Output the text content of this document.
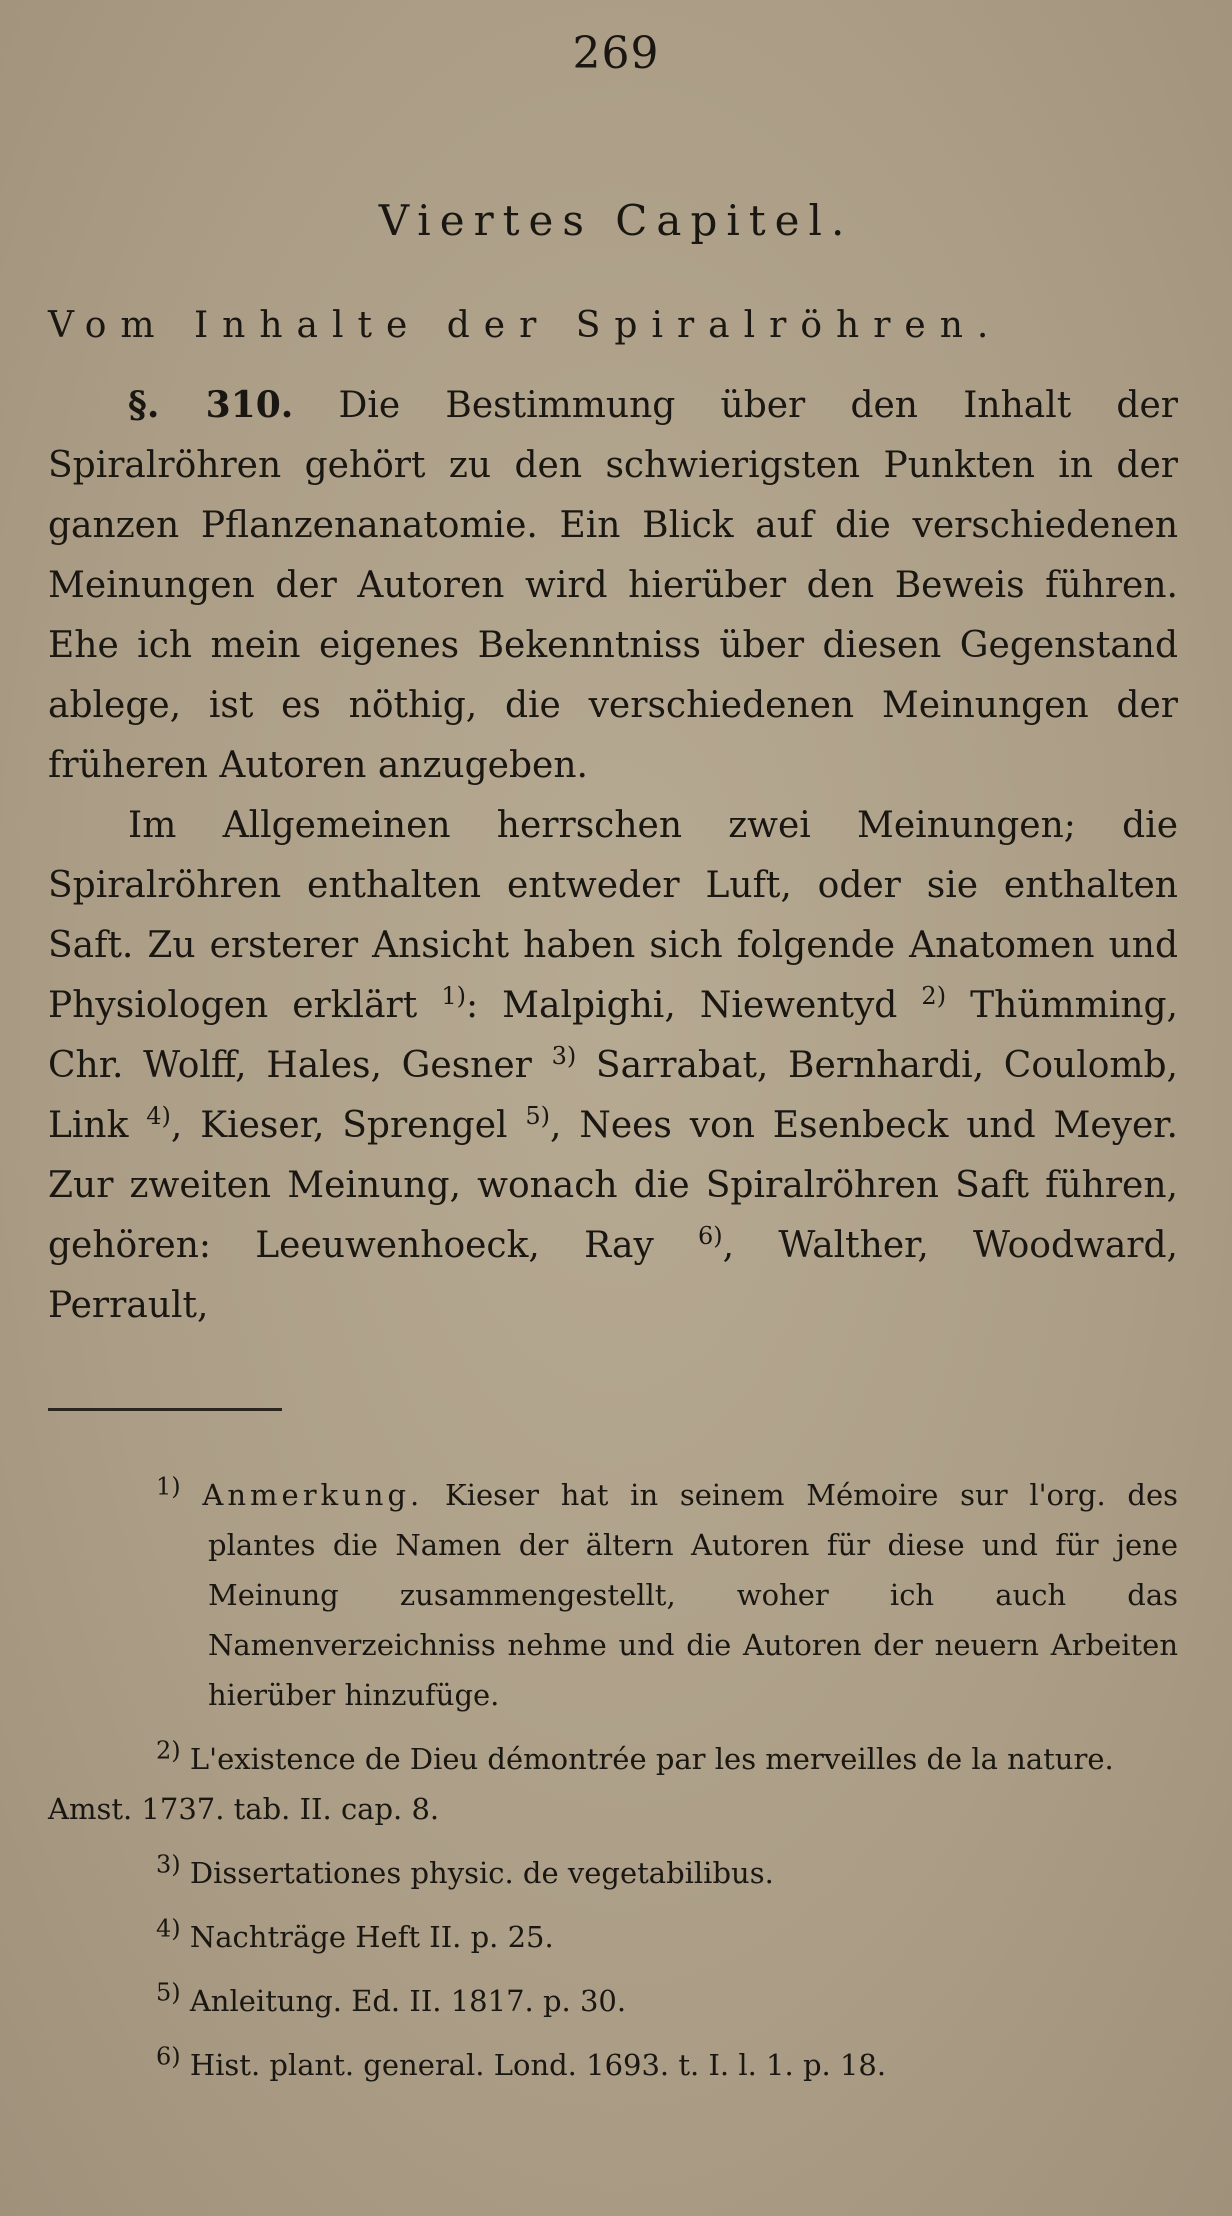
269
Viertes Capitel.
Vom Inhalte der Spiralröhren.

§. 310. Die Bestimmung über den Inhalt der Spiralröhren gehört zu den schwierigsten Punkten in der ganzen Pflanzenanatomie. Ein Blick auf die verschiedenen Meinungen der Autoren wird hierüber den Beweis führen. Ehe ich mein eigenes Bekenntniss über diesen Gegenstand ablege, ist es nöthig, die verschiedenen Meinungen der früheren Autoren anzugeben.

Im Allgemeinen herrschen zwei Meinungen; die Spiralröhren enthalten entweder Luft, oder sie enthalten Saft. Zu ersterer Ansicht haben sich folgende Anatomen und Physiologen erklärt $^{1)}$: Malpighi, Niewentyd $^{2)}$ Thümming, Chr. Wolff, Hales, Gesner $^{3)}$ Sarrabat, Bernhardi, Coulomb, Link $^{4)}$, Kieser, Sprengel $^{5)}$, Nees von Esenbeck und Meyer. Zur zweiten Meinung, wonach die Spiralröhren Saft führen, gehören: Leeuwenhoeck, Ray $^{6)}$, Walther, Woodward, Perrault,

$^{1)}$ Anmerkung. Kieser hat in seinem Mémoire sur l'org. des plantes die Namen der ältern Autoren für diese und für jene Meinung zusammengestellt, woher ich auch das Namenverzeichniss nehme und die Autoren der neuern Arbeiten hierüber hinzufüge.

$^{2)}$ L'existence de Dieu démontrée par les merveilles de la nature. Amst. 1737. tab. II. cap. 8.

$^{3)}$ Dissertationes physic. de vegetabilibus.

$^{4)}$ Nachträge Heft II. p. 25.

$^{5)}$ Anleitung. Ed. II. 1817. p. 30.

$^{6)}$ Hist. plant. general. Lond. 1693. t. I. l. 1. p. 18.
